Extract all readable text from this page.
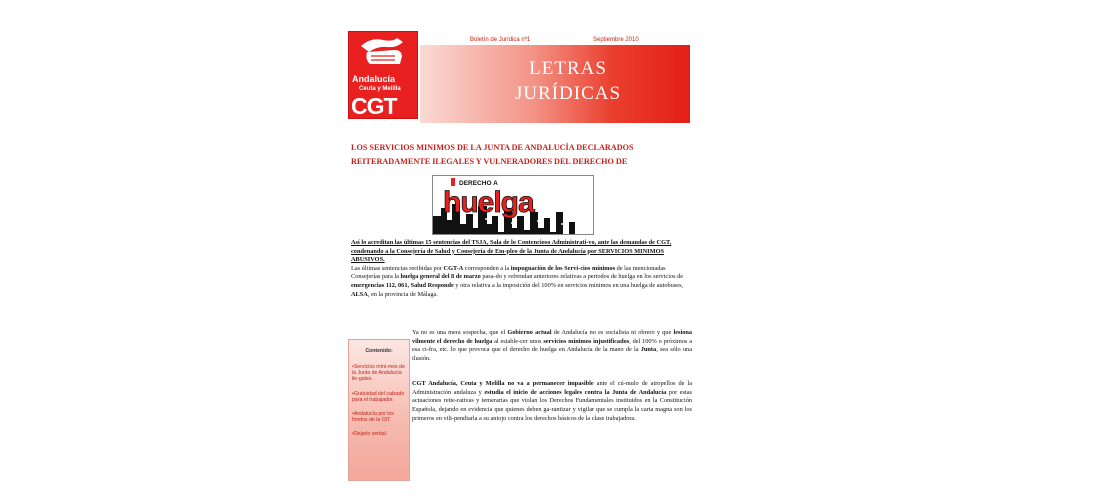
Andalucía
Ceuta y Melilla
CGT
Boletín de Jurídica nº1	Septiembre 2010
LETRAS
JURÍDICAS
LOS SERVICIOS MINIMOS DE LA JUNTA DE ANDALUCÍA DECLARADOS
REITERADAMENTE ILEGALES Y VULNERADORES DEL DERECHO DE
DERECHO A
huelga

Así lo acreditan las últimas 15 sentencias del TSJA, Sala de lo Contencioso Administrati-vo, ante las demandas de CGT, condenando a la Consejería de Salud y Consejería de Em-pleo de la Junta de Andalucía por SERVICIOS MINIMOS ABUSIVOS.

Las últimas sentencias recibidas por CGT-A corresponden a la impugnación de los Servi-cios mínimos de las mencionadas Consejerías para la huelga general del 8 de marzo pasa-do y refrendan anteriores relativas a periodos de huelga en los servicios de emergencias 112, 061, Salud Responde y otra relativa a la imposición del 100% en servicios mínimos en una huelga de autobuses, ALSA, en la provincia de Málaga.

Contenido:
•Servicios míni-mos de la Junta de Andalucía ile-gales.
•Gratuidad del calzado para el trabajador.
•Andalucía por los fondos de la OIT.
•Dejarlo verbal.

Ya no es una mera sospecha, que el Gobierno actual de Andalucía no es socialista ni obrero y que lesiona vilmente el derecho de huelga al estable-cer unos servicios mínimos injustificados, del 100% o próximos a esa ci-fra, etc. lo que provoca que el derecho de huelga en Andalucía de la mano de la Junta, sea sólo una ilusión.

CGT Andalucía, Ceuta y Melilla no va a permanecer impasible ante el cú-mulo de atropellos de la Administración andaluza y estudia el inicio de acciones legales contra la Junta de Andalucía por estas actuaciones reite-rativas y temerarias que violan los Derechos Fundamentales instituidos en la Constitución Española, dejando en evidencia que quienes deben ga-rantizar y vigilar que se cumpla la carta magna son los primeros en vili-pendiarla a su antojo contra los derechos básicos de la clase trabajadora.
